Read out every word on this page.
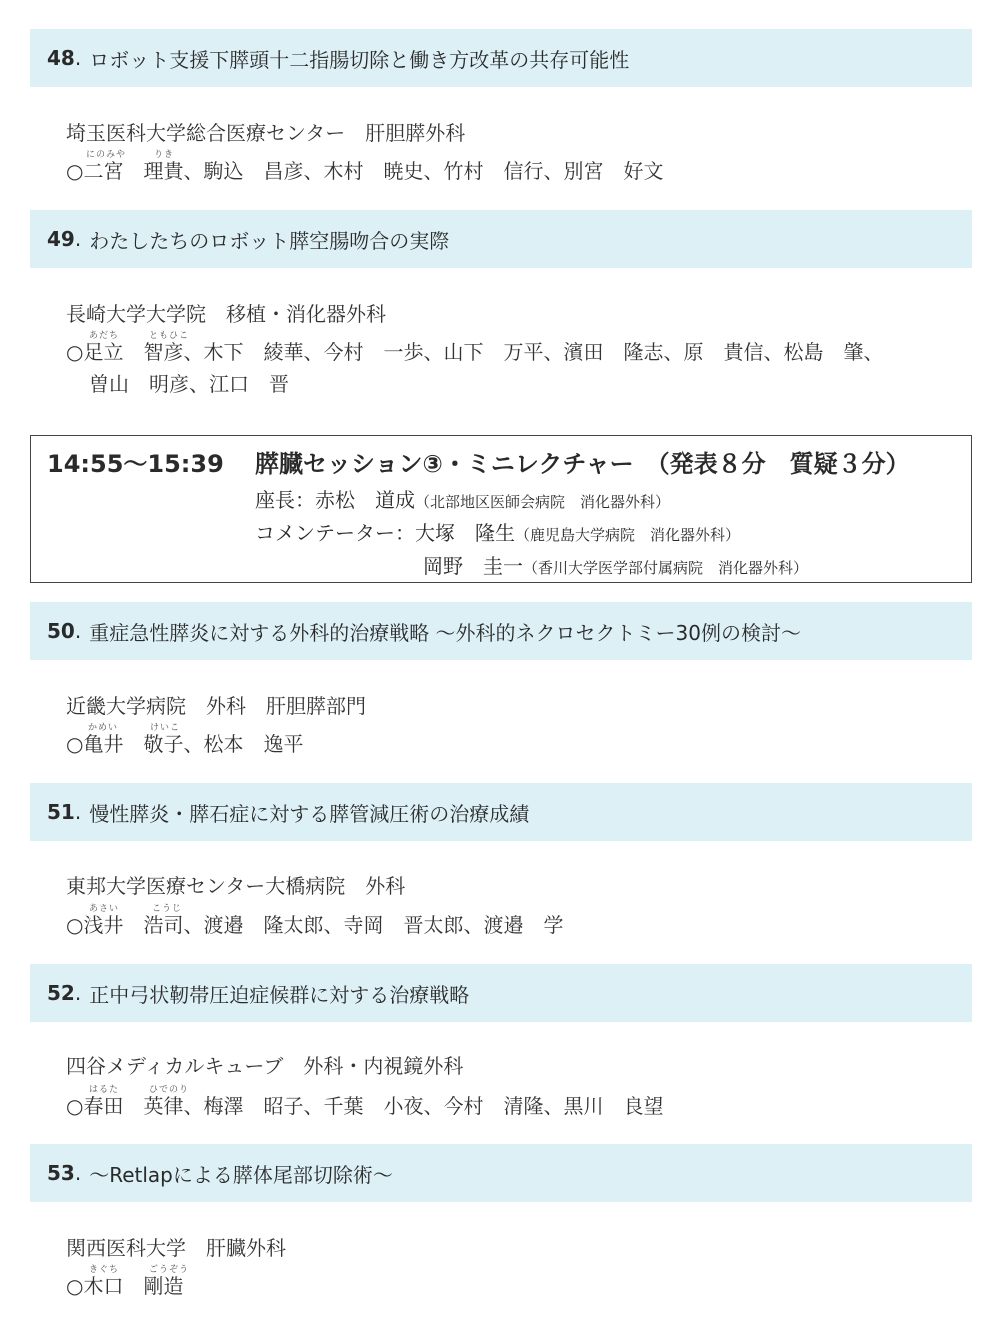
48 . ロボット支援下膵頭十二指腸切除と働き方改革の共存可能性
埼玉医科大学総合医療センター　肝胆膵外科
にのみや	りき
○二宮　理貴、駒込　昌彦、木村　暁史、竹村　信行、別宮　好文
49 . わたしたちのロボット膵空腸吻合の実際
長崎大学大学院　移植・消化器外科
あだち	ともひこ
○足立　智彦、木下　綾華、今村　一歩、山下　万平、濱田　隆志、原　貴信、松島　肇、
曽山　明彦、江口　晋
14:55～15:39 膵臓セッション③・ミニレクチャー　（発表８分　質疑３分）
座長：赤松　道成（北部地区医師会病院　消化器外科）
コメンテーター：大塚　隆生（鹿児島大学病院　消化器外科）
岡野　圭一（香川大学医学部付属病院　消化器外科）
50 . 重症急性膵炎に対する外科的治療戦略 ～外科的ネクロセクトミー30例の検討～
近畿大学病院　外科　肝胆膵部門
かめい	けいこ
○亀井　敬子、松本　逸平
51 . 慢性膵炎・膵石症に対する膵管減圧術の治療成績
東邦大学医療センター大橋病院　外科
あさい	こうじ
○浅井　浩司、渡邉　隆太郎、寺岡　晋太郎、渡邉　学
52 . 正中弓状靭帯圧迫症候群に対する治療戦略
四谷メディカルキューブ　外科・内視鏡外科
はるた	ひでのり
○春田　英律、梅澤　昭子、千葉　小夜、今村　清隆、黒川　良望
53 . ～Retlapによる膵体尾部切除術～
関西医科大学　肝臓外科
きぐち	ごうぞう
○木口　剛造
